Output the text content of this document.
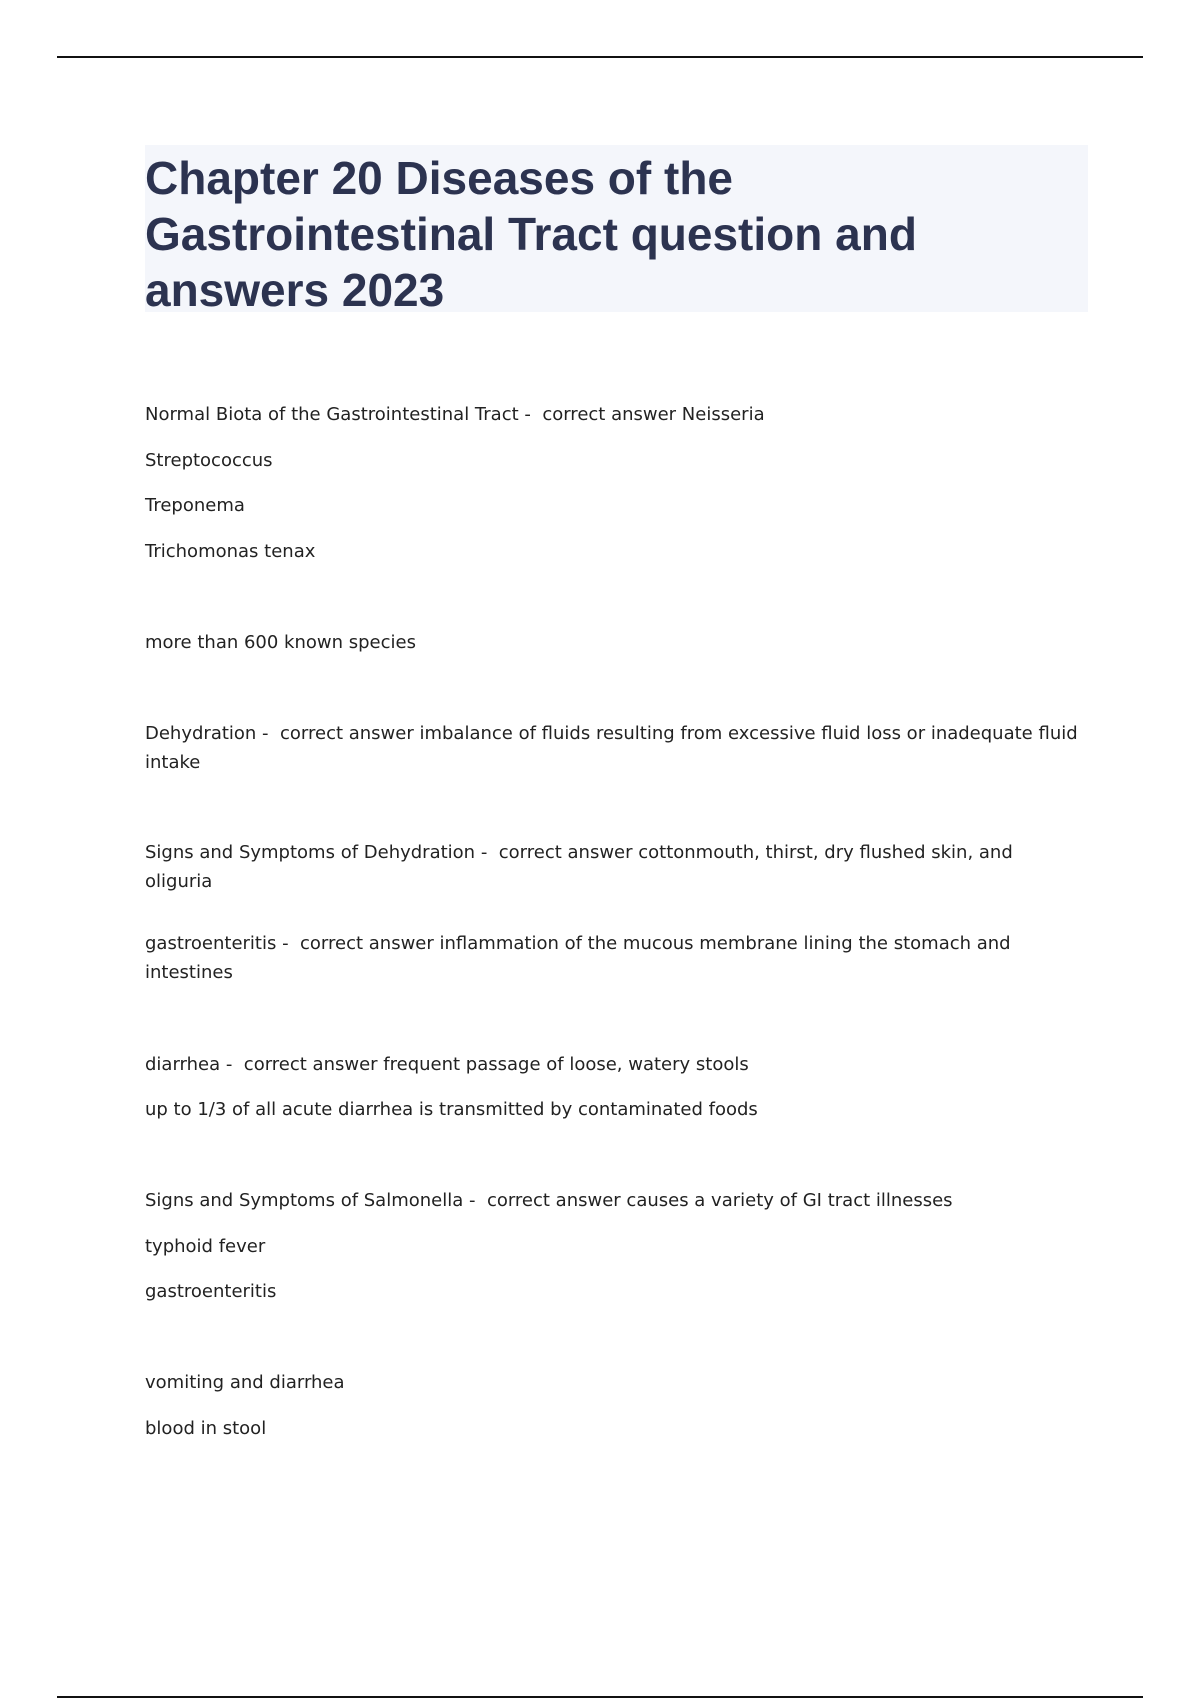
Chapter 20 Diseases of the Gastrointestinal Tract question and answers 2023

Normal Biota of the Gastrointestinal Tract -  correct answer Neisseria

Streptococcus

Treponema

Trichomonas tenax

more than 600 known species

Dehydration -  correct answer imbalance of fluids resulting from excessive fluid loss or inadequate fluid intake

Signs and Symptoms of Dehydration -  correct answer cottonmouth, thirst, dry flushed skin, and oliguria

gastroenteritis -  correct answer inflammation of the mucous membrane lining the stomach and intestines

diarrhea -  correct answer frequent passage of loose, watery stools

up to 1/3 of all acute diarrhea is transmitted by contaminated foods

Signs and Symptoms of Salmonella -  correct answer causes a variety of GI tract illnesses

typhoid fever

gastroenteritis

vomiting and diarrhea

blood in stool
